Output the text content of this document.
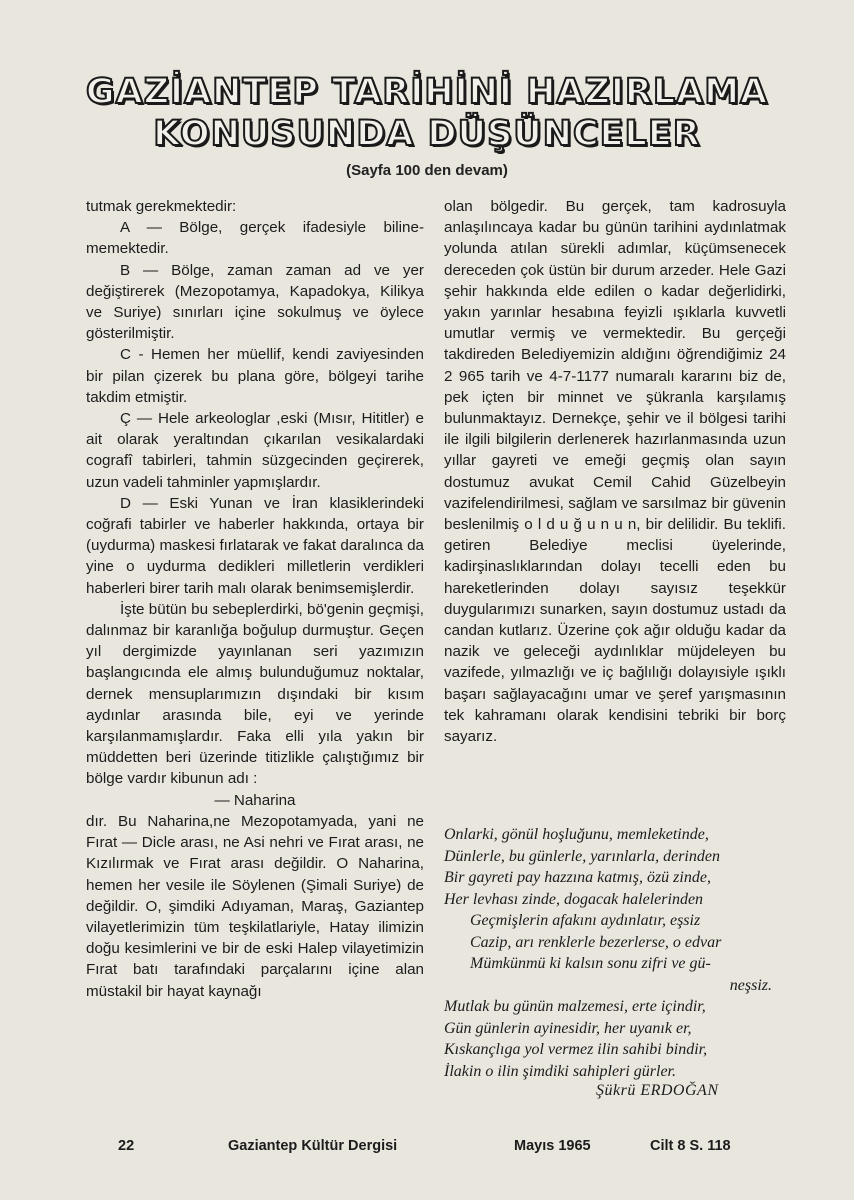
GAZİANTEP TARİHİNİ HAZIRLAMA
KONUSUNDA DÜŞÜNCELER
(Sayfa 100 den devam)

tutmak gerekmektedir:

A — Bölge, gerçek ifadesiyle biline-memektedir.

B — Bölge, zaman zaman ad ve yer değiştirerek (Mezopotamya, Kapadokya, Kilikya ve Suriye) sınırları içine sokulmuş ve öylece gösterilmiştir.

C - Hemen her müellif, kendi zaviyesinden bir pilan çizerek bu plana göre, bölgeyi tarihe takdim etmiştir.

Ç — Hele arkeologlar ,eski (Mısır, Hititler) e ait olarak yeraltından çıkarılan vesikalardaki cografî tabirleri, tahmin süzgecinden geçirerek, uzun vadeli tahminler yapmışlardır.

D — Eski Yunan ve İran klasiklerindeki coğrafi tabirler ve haberler hakkında, ortaya bir (uydurma) maskesi fırlatarak ve fakat daralınca da yine o uydurma dedikleri milletlerin verdikleri haberleri birer tarih malı olarak benimsemişlerdir.

İşte bütün bu sebeplerdirki, bö'genin geçmişi, dalınmaz bir karanlığa boğulup durmuştur. Geçen yıl dergimizde yayınlanan seri yazımızın başlangıcında ele almış bulunduğumuz noktalar, dernek mensuplarımızın dışındaki bir kısım aydınlar arasında bile, eyi ve yerinde karşılanmamışlardır. Faka elli yıla yakın bir müddetten beri üzerinde titizlikle çalıştığımız bir bölge vardır kibunun adı :

— Naharina

dır. Bu Naharina,ne Mezopotamyada, yani ne Fırat — Dicle arası, ne Asi nehri ve Fırat arası, ne Kızılırmak ve Fırat arası değildir. O Naharina, hemen her vesile ile Söylenen (Şimali Suriye) de değildir. O, şimdiki Adıyaman, Maraş, Gaziantep vilayetlerimizin tüm teşkilatlariyle, Hatay ilimizin doğu kesimlerini ve bir de eski Halep vilayetimizin Fırat batı tarafındaki parçalarını içine alan müstakil bir hayat kaynağı

olan bölgedir. Bu gerçek, tam kadrosuyla anlaşılıncaya kadar bu günün tarihini aydınlatmak yolunda atılan sürekli adımlar, küçümsenecek dereceden çok üstün bir durum arzeder. Hele Gazi şehir hakkında elde edilen o kadar değerlidirki, yakın yarınlar hesabına feyizli ışıklarla kuvvetli umutlar vermiş ve vermektedir. Bu gerçeği takdireden Belediyemizin aldığını öğrendiğimiz 24 2 965 tarih ve 4-7-1177 numaralı kararını biz de, pek içten bir minnet ve şükranla karşılamış bulunmaktayız. Dernekçe, şehir ve il bölgesi tarihi ile ilgili bilgilerin derlenerek hazırlanmasında uzun yıllar gayreti ve emeği geçmiş olan sayın dostumuz avukat Cemil Cahid Güzelbeyin vazifelendirilmesi, sağlam ve sarsılmaz bir güvenin beslenilmiş o l d u ğ u n u n, bir delilidir. Bu teklifi. getiren Belediye meclisi üyelerinde, kadirşinaslıklarından dolayı tecelli eden bu hareketlerinden dolayı sayısız teşekkür duygularımızı sunarken, sayın dostumuz ustadı da candan kutlarız. Üzerine çok ağır olduğu kadar da nazik ve geleceği aydınlıklar müjdeleyen bu vazifede, yılmazlığı ve iç bağlılığı dolayısiyle ışıklı başarı sağlayacağını umar ve şeref yarışmasının tek kahramanı olarak kendisini tebriki bir borç sayarız.

Onlarki, gönül hoşluğunu, memleketinde,
Dünlerle, bu günlerle, yarınlarla, derinden
Bir gayreti pay hazzına katmış, özü zinde,
Her levhası zinde, dogacak halelerinden
Geçmişlerin afakını aydınlatır, eşsiz
Cazip, arı renklerle bezerlerse, o edvar
Mümkünmü ki kalsın sonu zifri ve gü-
neşsiz.
Mutlak bu günün malzemesi, erte içindir,
Gün günlerin ayinesidir, her uyanık er,
Kıskançlıga yol vermez ilin sahibi bindir,
İlakin o ilin şimdiki sahipleri gürler.
Şükrü ERDOĞAN
22	Gaziantep Kültür Dergisi	Mayıs 1965	Cilt 8 S. 118
